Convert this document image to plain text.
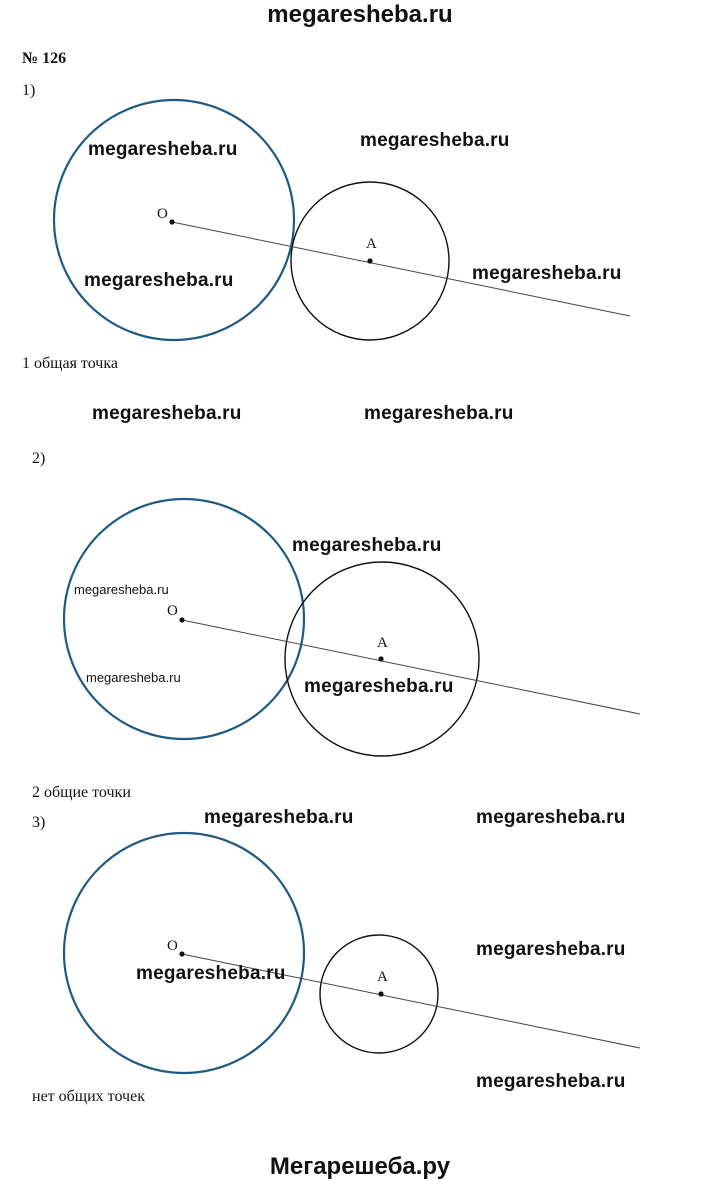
megaresheba.ru
№ 126
1)
O
A
1 общая точка
2)
O
A
2 общие точки
3)
O
A
нет общих точек
megaresheba.ru	megaresheba.ru
megaresheba.ru	megaresheba.ru
megaresheba.ru	megaresheba.ru
megaresheba.ru
megaresheba.ru
megaresheba.ru	megaresheba.ru
megaresheba.ru	megaresheba.ru
megaresheba.ru
megaresheba.ru
megaresheba.ru
Мегарешеба.ру
